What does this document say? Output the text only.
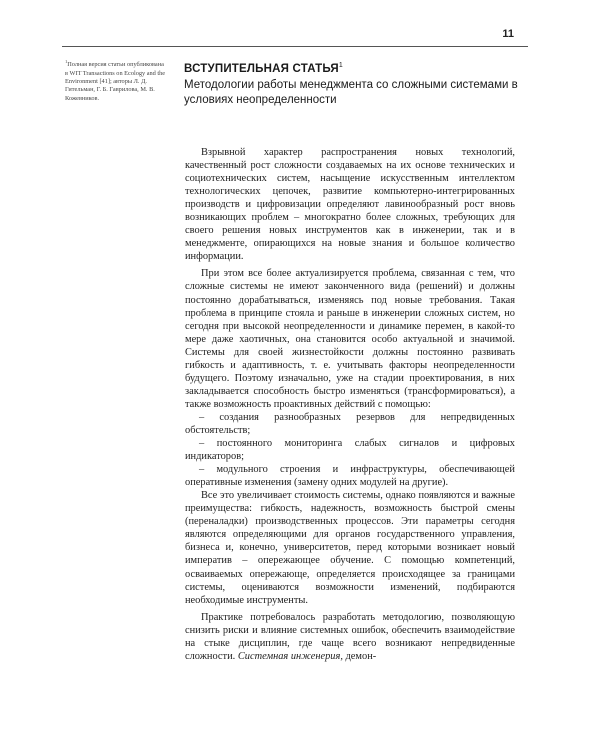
11
$^1$Полная версия статьи опубликована в WIT Transactions on Ecology and the Environment [41]; авторы Л. Д. Гительман, Г. Б. Гаврилова, М. В. Кожевников.
ВСТУПИТЕЛЬНАЯ СТАТЬЯ$^1$
Методологии работы менеджмента со сложными системами в условиях неопределенности

Взрывной характер распространения новых технологий, качественный рост сложности создаваемых на их основе технических и социотехнических систем, насыщение искусственным интеллектом технологических цепочек, развитие компьютерно-интегрированных производств и цифровизации определяют лавинообразный рост вновь возникающих проблем – многократно более сложных, требующих для своего решения новых инструментов как в инженерии, так и в менеджменте, опирающихся на новые знания и большое количество информации.

При этом все более актуализируется проблема, связанная с тем, что сложные системы не имеют законченного вида (решений) и должны постоянно дорабатываться, изменяясь под новые требования. Такая проблема в принципе стояла и раньше в инженерии сложных систем, но сегодня при высокой неопределенности и динамике перемен, в какой-то мере даже хаотичных, она становится особо актуальной и значимой. Системы для своей жизнестойкости должны постоянно развивать гибкость и адаптивность, т. е. учитывать факторы неопределенности будущего. Поэтому изначально, уже на стадии проектирования, в них закладывается способность быстро изменяться (трансформироваться), а также возможность проактивных действий с помощью:

– создания разнообразных резервов для непредвиденных обстоятельств;
– постоянного мониторинга слабых сигналов и цифровых индикаторов;
– модульного строения и инфраструктуры, обеспечивающей оперативные изменения (замену одних модулей на другие).

Все это увеличивает стоимость системы, однако появляются и важные преимущества: гибкость, надежность, возможность быстрой смены (переналадки) производственных процессов. Эти параметры сегодня являются определяющими для органов государственного управления, бизнеса и, конечно, университетов, перед которыми возникает новый императив – опережающее обучение. С помощью компетенций, осваиваемых опережающе, определяется происходящее за границами системы, оцениваются возможности изменений, подбираются необходимые инструменты.

Практике потребовалось разработать методологию, позволяющую снизить риски и влияние системных ошибок, обеспечить взаимодействие на стыке дисциплин, где чаще всего возникают непредвиденные сложности. Системная инженерия, демон-
